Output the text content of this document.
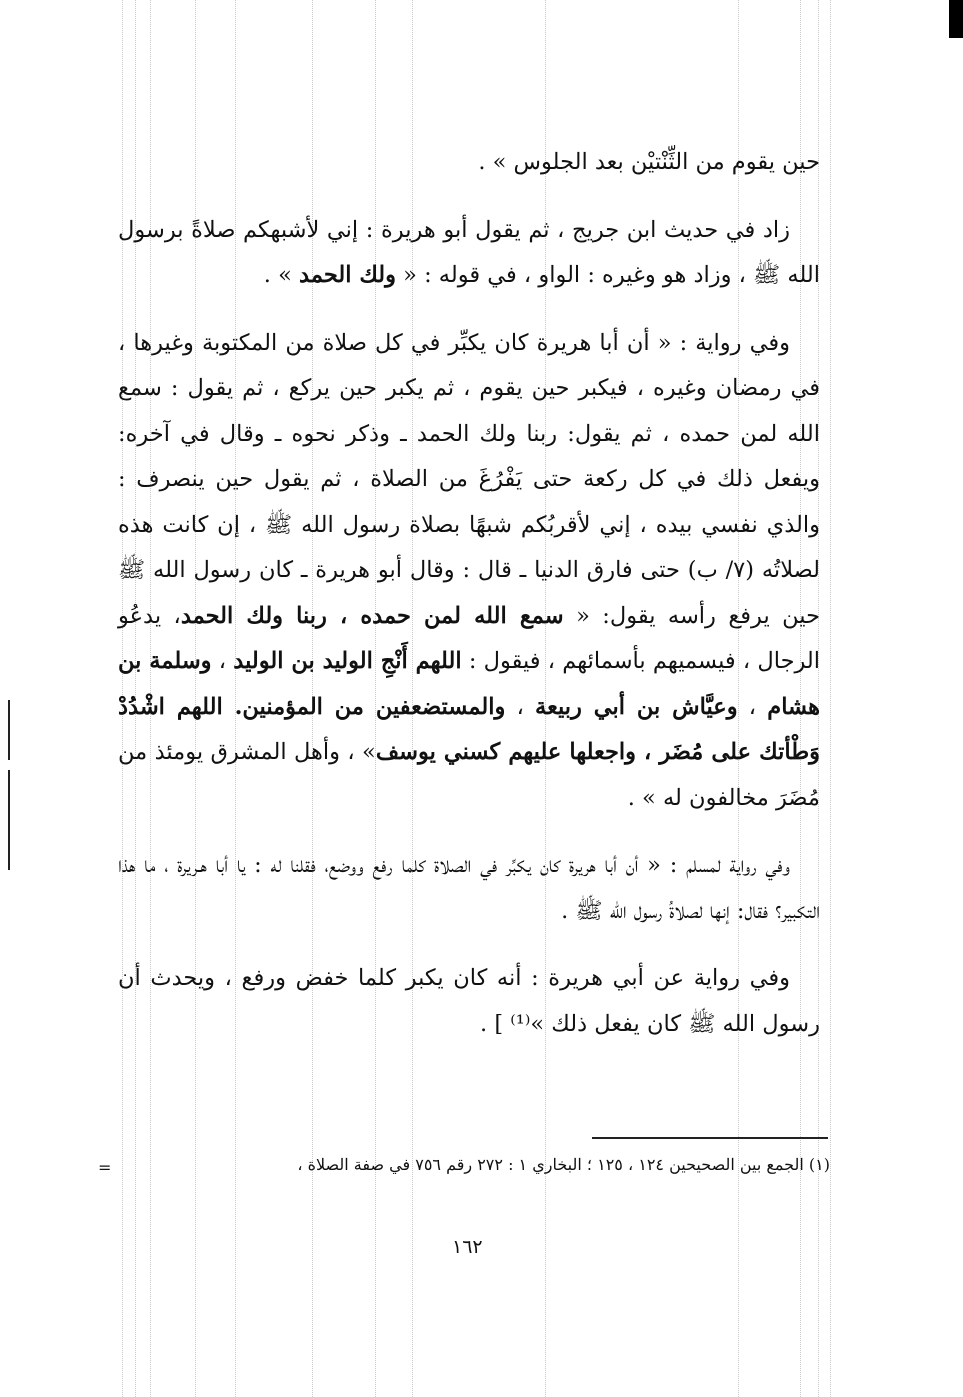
حين يقوم من الثِّنْتيْن بعد الجلوس » .

زاد في حديث ابن جريج ، ثم يقول أبو هريرة : إني لأشبهكم صلاةً برسول الله ﷺ ، وزاد هو وغيره : الواو ، في قوله : « ولك الحمد » .

وفي رواية : « أن أبا هريرة كان يكبِّر في كل صلاة من المكتوبة وغيرها ، في رمضان وغيره ، فيكبر حين يقوم ، ثم يكبر حين يركع ، ثم يقول : سمع الله لمن حمده ، ثم يقول: ربنا ولك الحمد ـ وذكر نحوه ـ وقال في آخره: ويفعل ذلك في كل ركعة حتى يَفْرُغَ من الصلاة ، ثم يقول حين ينصرف : والذي نفسي بيده ، إني لأقربُكم شبهًا بصلاة رسول الله ﷺ ، إن كانت هذه لصلاتُه (٧/ ب) حتى فارق الدنيا ـ قال : وقال أبو هريرة ـ كان رسول الله ﷺ حين يرفع رأسه يقول: « سمع الله لمن حمده ، ربنا ولك الحمد، يدعُو الرجال ، فيسميهم بأسمائهم ، فيقول : اللهم أَنْجِ الوليد بن الوليد ، وسلمة بن هشام ، وعيَّاش بن أبي ربيعة ، والمستضعفين من المؤمنين. اللهم اشْدُدْ وَطْأتك على مُضَر ، واجعلها عليهم كسني يوسف» ، وأهل المشرق يومئذ من مُضَرَ مخالفون له » .

وفي رواية لمسلم : « أن أبا هريرة كان يكبِّر في الصلاة كلما رفع ووضع، فقلنا له : يا أبا هـريرة ، ما هذا التكبير؟ فقال: إنها لصلاةُ رسول الله ﷺ .

وفي رواية عن أبي هريرة : أنه كان يكبر كلما خفض ورفع ، ويحدث أن رسول الله ﷺ كان يفعل ذلك »⁽¹⁾ ] .

(١) الجمع بين الصحيحين ١٢٤ ، ١٢٥ ؛ البخاري ١ : ٢٧٢ رقم ٧٥٦ في صفة الصلاة ،
=
١٦٢
